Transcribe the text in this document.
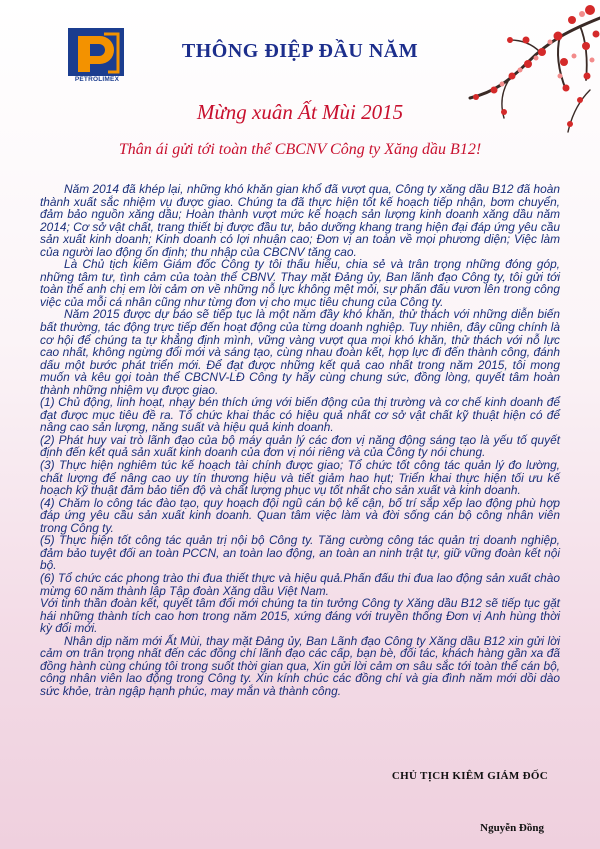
PETROLIMEX
THÔNG ĐIỆP ĐẦU NĂM
Mừng xuân Ất Mùi 2015
Thân ái gửi tới toàn thể CBCNV Công ty Xăng dầu B12!

Năm 2014 đã khép lại, những khó khăn gian khổ đã vượt qua, Công ty xăng dầu B12 đã hoàn thành xuất sắc nhiệm vụ được giao. Chúng ta đã thực hiện tốt kế hoạch tiếp nhận, bơm chuyển, đảm bảo nguồn xăng dầu; Hoàn thành vượt mức kế hoạch sản lượng kinh doanh xăng dầu năm 2014; Cơ sở vật chất, trang thiết bị được đầu tư, bảo dưỡng khang trang hiện đại đáp ứng yêu cầu sản xuất kinh doanh; Kinh doanh có lợi nhuận cao; Đơn vị an toàn về mọi phương diện; Việc làm của người lao động ổn định; thu nhập của CBCNV tăng cao.

Là Chủ tịch kiêm Giám đốc Công ty tôi thấu hiểu, chia sẻ và trân trọng những đóng góp, những tâm tư, tình cảm của toàn thể CBNV. Thay mặt Đảng ủy, Ban lãnh đạo Công ty, tôi gửi tới toàn thể anh chị em lời cảm ơn về những nỗ lực không mệt mỏi, sự phấn đấu vươn lên trong công việc của mỗi cá nhân cũng như từng đơn vị cho mục tiêu chung của Công ty.

Năm 2015 được dự báo sẽ tiếp tục là một năm đầy khó khăn, thử thách với những diễn biến bất thường, tác động trực tiếp đến hoạt động của từng doanh nghiệp. Tuy nhiên, đây cũng chính là cơ hội để chúng ta tự khẳng định mình, vững vàng vượt qua mọi khó khăn, thử thách với nỗ lực cao nhất, không ngừng đổi mới và sáng tạo, cùng nhau đoàn kết, hợp lực đi đến thành công, đánh dấu một bước phát triển mới. Để đạt được những kết quả cao nhất trong năm 2015, tôi mong muốn và kêu gọi toàn thể CBCNV-LĐ Công ty hãy cùng chung sức, đồng lòng, quyết tâm hoàn thành những nhiệm vụ được giao.

(1) Chủ động, linh hoạt, nhạy bén thích ứng với biến động của thị trường và cơ chế kinh doanh để đạt được mục tiêu đề ra. Tổ chức khai thác có hiệu quả nhất cơ sở vật chất kỹ thuật hiện có để nâng cao sản lượng, năng suất và hiệu quả kinh doanh.

(2) Phát huy vai trò lãnh đạo của bộ máy quản lý các đơn vị năng động sáng tạo là yếu tố quyết định đến kết quả sản xuất kinh doanh của đơn vị nói riêng và của Công ty nói chung.

(3) Thực hiện nghiêm túc kế hoạch tài chính được giao; Tổ chức tốt công tác quản lý đo lường, chất lượng để nâng cao uy tín thương hiệu và tiết giảm hao hụt; Triển khai thực hiện tối ưu kế hoạch kỹ thuật đảm bảo tiến độ và chất lượng phục vụ tốt nhất cho sản xuất và kinh doanh.

(4) Chăm lo công tác đào tạo, quy hoạch đội ngũ cán bộ kế cận, bố trí sắp xếp lao động phù hợp đáp ứng yêu cầu sản xuất kinh doanh. Quan tâm việc làm và đời sống cán bộ công nhân viên trong Công ty.

(5) Thực hiện tốt công tác quản trị nội bộ Công ty. Tăng cường công tác quản trị doanh nghiệp, đảm bảo tuyệt đối an toàn PCCN, an toàn lao động, an toàn an ninh trật tự, giữ vững đoàn kết nội bộ.

(6) Tổ chức các phong trào thi đua thiết thực và hiệu quả.Phấn đấu thi đua lao động sản xuất chào mừng 60 năm thành lập Tập đoàn Xăng dầu Việt Nam.

Với tinh thần đoàn kết, quyết tâm đổi mới chúng ta tin tưởng Công ty Xăng dầu B12 sẽ tiếp tục gặt hái những thành tích cao hơn trong năm 2015, xứng đáng với truyền thống Đơn vị Anh hùng thời kỳ đổi mới.

Nhân dịp năm mới Ất Mùi, thay mặt Đảng ủy, Ban Lãnh đạo Công ty Xăng dầu B12 xin gửi lời cảm ơn trân trọng nhất đến các đồng chí lãnh đạo các cấp, bạn bè, đối tác, khách hàng gần xa đã đồng hành cùng chúng tôi trong suốt thời gian qua, Xin gửi lời cảm ơn sâu sắc tới toàn thể cán bộ, công nhân viên lao động trong Công ty. Xin kính chúc các đồng chí và gia đình năm mới dồi dào sức khỏe, tràn ngập hạnh phúc, may mắn và thành công.

CHỦ TỊCH KIÊM GIÁM ĐỐC
Nguyễn Đồng
